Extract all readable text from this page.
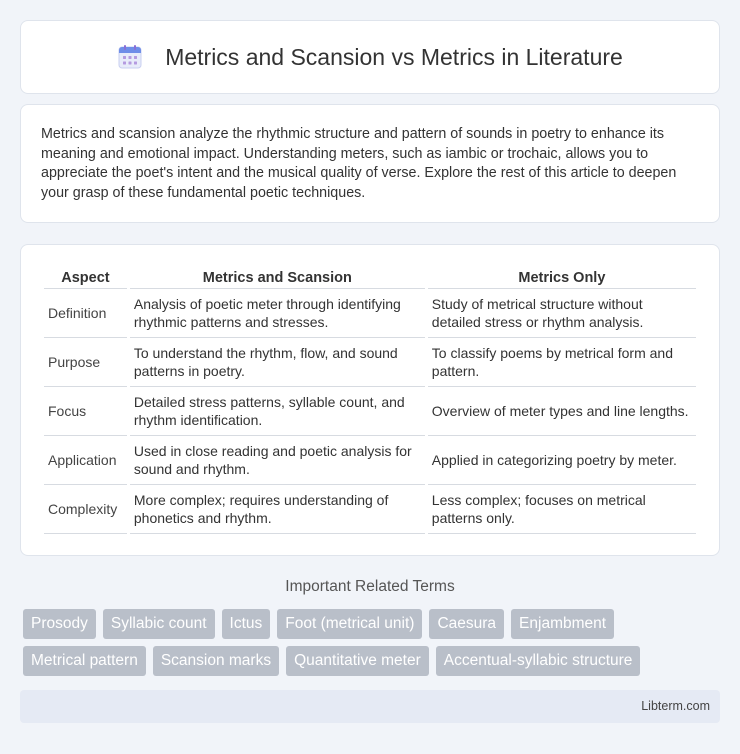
Metrics and Scansion vs Metrics in Literature

Metrics and scansion analyze the rhythmic structure and pattern of sounds in poetry to enhance its meaning and emotional impact. Understanding meters, such as iambic or trochaic, allows you to appreciate the poet's intent and the musical quality of verse. Explore the rest of this article to deepen your grasp of these fundamental poetic techniques.

Aspect	Metrics and Scansion	Metrics Only
Definition	Analysis of poetic meter through identifying rhythmic patterns and stresses.	Study of metrical structure without detailed stress or rhythm analysis.
Purpose	To understand the rhythm, flow, and sound patterns in poetry.	To classify poems by metrical form and pattern.
Focus	Detailed stress patterns, syllable count, and rhythm identification.	Overview of meter types and line lengths.
Application	Used in close reading and poetic analysis for sound and rhythm.	Applied in categorizing poetry by meter.
Complexity	More complex; requires understanding of phonetics and rhythm.	Less complex; focuses on metrical patterns only.
Important Related Terms
Prosody	Syllabic count	Ictus	Foot (metrical unit)	Caesura	Enjambment
Metrical pattern	Scansion marks	Quantitative meter	Accentual-syllabic structure
Libterm.com
